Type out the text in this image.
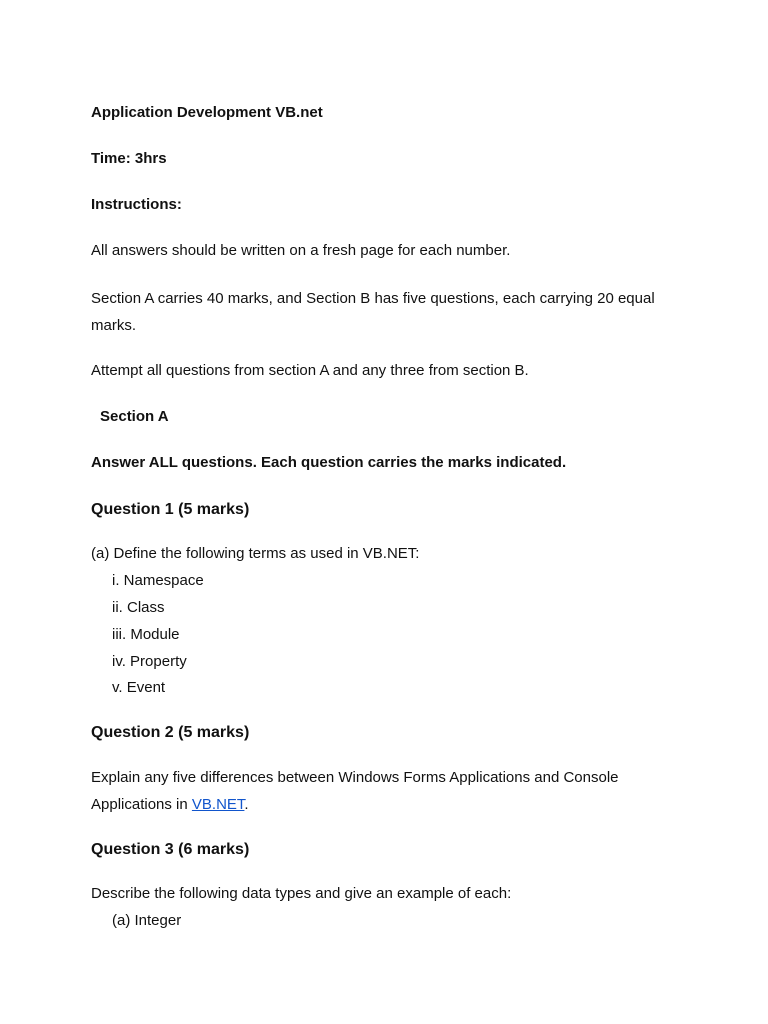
Application Development VB.net

Time: 3hrs

Instructions:

All answers should be written on a fresh page for each number.

Section A carries 40 marks, and Section B has five questions, each carrying 20 equal marks.

Attempt all questions from section A and any three from section B.

Section A

Answer ALL questions. Each question carries the marks indicated.

Question 1 (5 marks)

(a) Define the following terms as used in VB.NET:

i. Namespace

ii. Class

iii. Module

iv. Property

v. Event

Question 2 (5 marks)

Explain any five differences between Windows Forms Applications and Console Applications in VB.NET.

Question 3 (6 marks)

Describe the following data types and give an example of each:

(a) Integer
